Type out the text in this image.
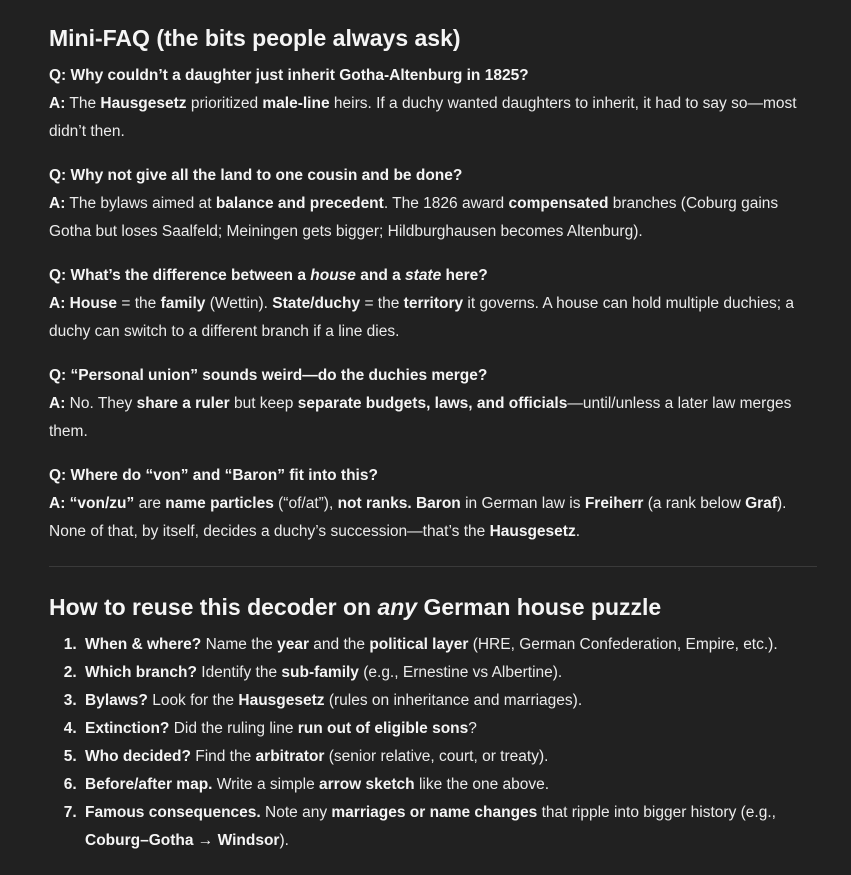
Mini-FAQ (the bits people always ask)
Q: Why couldn’t a daughter just inherit Gotha-Altenburg in 1825?
A: The Hausgesetz prioritized male-line heirs. If a duchy wanted daughters to inherit, it had to say so—most didn’t then.
Q: Why not give all the land to one cousin and be done?
A: The bylaws aimed at balance and precedent. The 1826 award compensated branches (Coburg gains Gotha but loses Saalfeld; Meiningen gets bigger; Hildburghausen becomes Altenburg).
Q: What’s the difference between a house and a state here?
A: House = the family (Wettin). State/duchy = the territory it governs. A house can hold multiple duchies; a duchy can switch to a different branch if a line dies.
Q: “Personal union” sounds weird—do the duchies merge?
A: No. They share a ruler but keep separate budgets, laws, and officials—until/unless a later law merges them.
Q: Where do “von” and “Baron” fit into this?
A: “von/zu” are name particles (“of/at”), not ranks. Baron in German law is Freiherr (a rank below Graf). None of that, by itself, decides a duchy’s succession—that’s the Hausgesetz.
How to reuse this decoder on any German house puzzle
1. When & where? Name the year and the political layer (HRE, German Confederation, Empire, etc.).
2. Which branch? Identify the sub-family (e.g., Ernestine vs Albertine).
3. Bylaws? Look for the Hausgesetz (rules on inheritance and marriages).
4. Extinction? Did the ruling line run out of eligible sons?
5. Who decided? Find the arbitrator (senior relative, court, or treaty).
6. Before/after map. Write a simple arrow sketch like the one above.
7. Famous consequences. Note any marriages or name changes that ripple into bigger history (e.g., Coburg–Gotha → Windsor).
